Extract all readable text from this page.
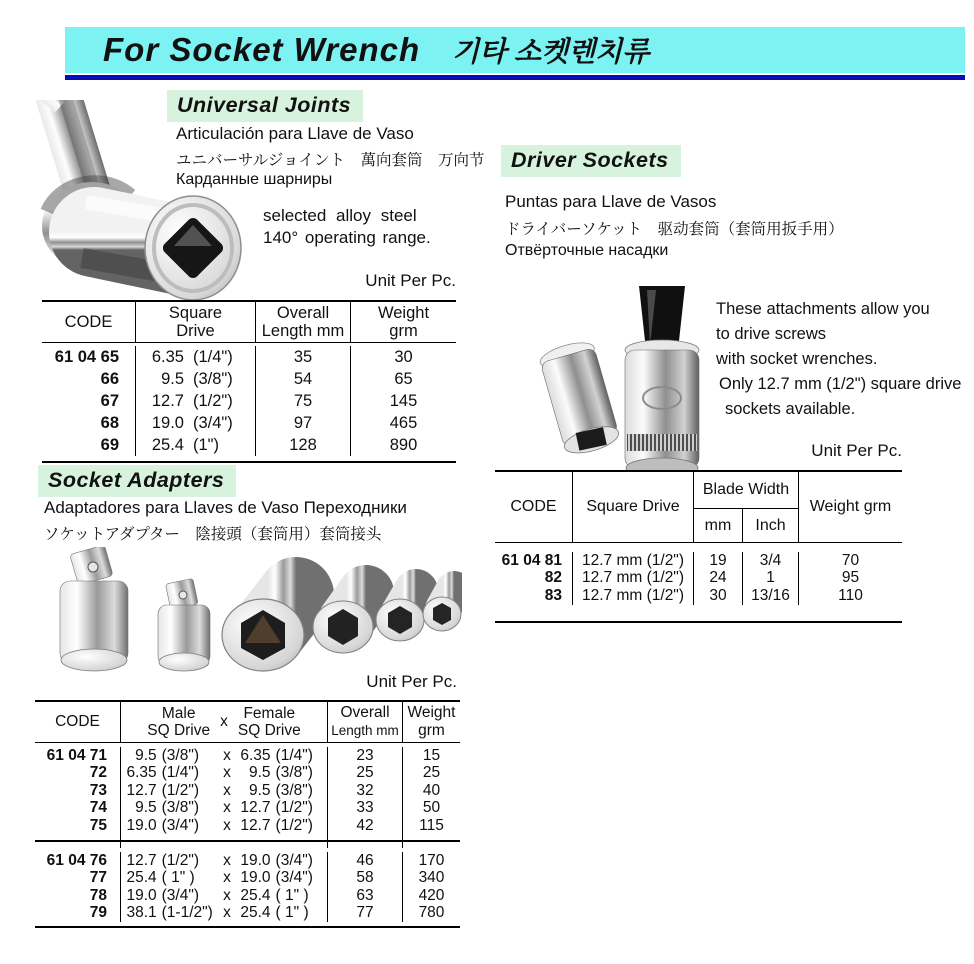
For Socket Wrench 기타 소켓렌치류
Universal Joints
Articulación para Llave de Vaso
ユニバーサルジョイント　萬向套筒　万向节
Карданные шарниры
selected alloy steel
140° operating range.
Unit Per Pc.
CODE	Square
Drive
Overall
Length mm
Weight
grm
61 04 65	6.35 (1/4")	35	30
66	9.5 (3/8")	54	65
67	12.7 (1/2")	75	145
68	19.0 (3/4")	97	465
69	25.4 (1")	128	890
Socket Adapters
Adaptadores para Llaves de Vaso Переходники
ソケットアダプター　陰接頭（套筒用）套筒接头
Unit Per Pc.
CODE	Male
SQ Drive
x	Female
SQ Drive
Overall
Length mm
Weight
grm
61 04 71	9.5 (3/8")	x 6.35 (1/4")	23	15
72	6.35 (1/4")	x	9.5 (3/8")	25	25
73	12.7 (1/2")	x	9.5 (3/8")	32	40
74	9.5 (3/8")	x 12.7 (1/2")	33	50
75	19.0 (3/4")	x 12.7 (1/2")	42	115
61 04 76	12.7 (1/2")	x 19.0 (3/4")	46	170
77	25.4 ( 1" )	x 19.0 (3/4")	58	340
78	19.0 (3/4")	x 25.4 ( 1" )	63	420
79	38.1 (1-1/2") x 25.4 ( 1" )	77	780
Driver Sockets
Puntas para Llave de Vasos
ドライバーソケット　驱动套筒（套筒用扳手用）
Отвёрточные насадки
These attachments allow you
to drive screws
with socket wrenches.
Only 12.7 mm (1/2") square drive
sockets available.
Unit Per Pc.
CODE	Square Drive
Blade Width
mm	Inch
Weight grm
61 04 81	12.7 mm (1/2")	19	3/4	70
82	12.7 mm (1/2")	24	1	95
83	12.7 mm (1/2")	30	13/16	110
